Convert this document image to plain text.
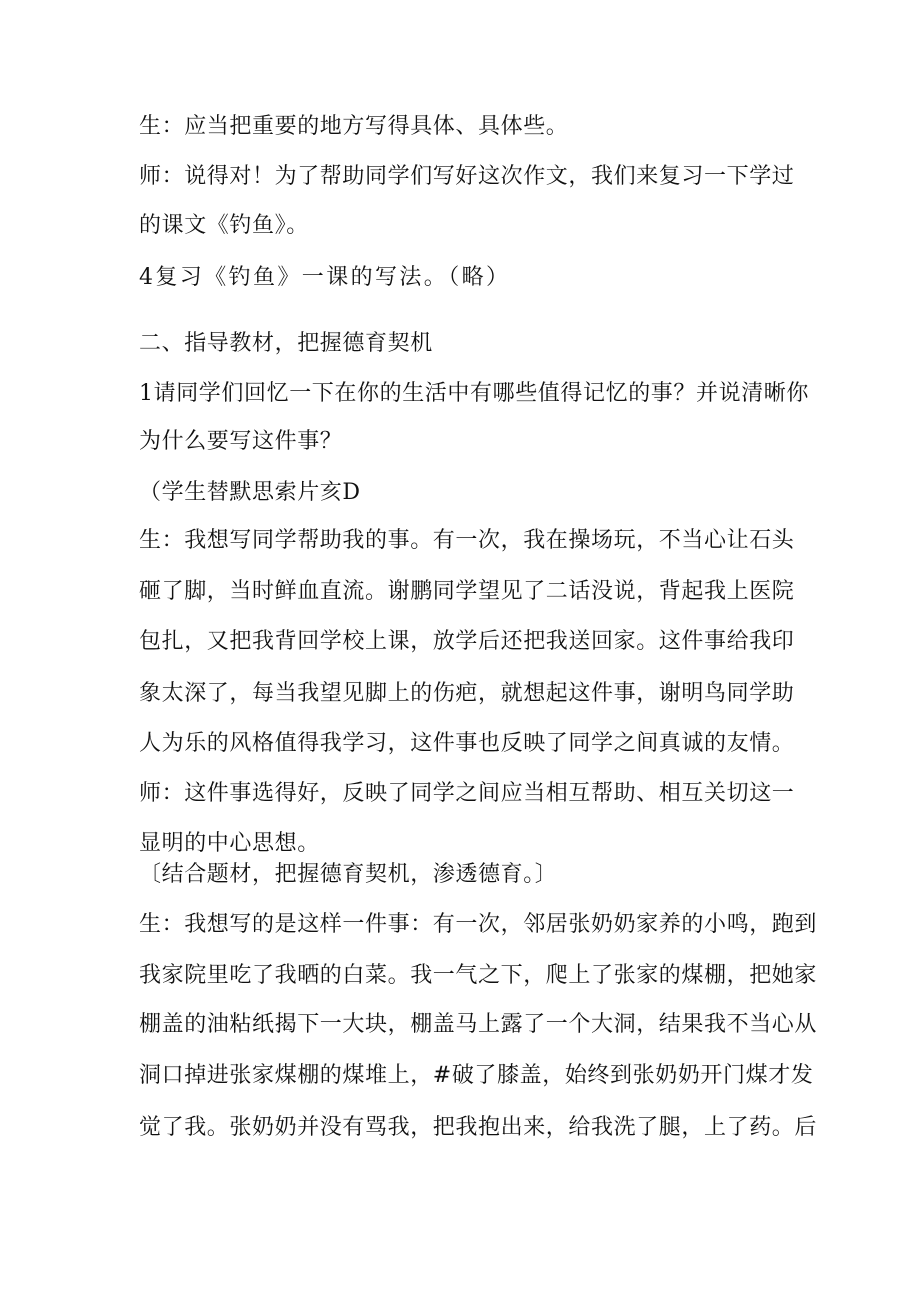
生：应当把重要的地方写得具体、具体些。
师：说得对！为了帮助同学们写好这次作文，我们来复习一下学过
的课文《钓鱼》。
4复习《钓鱼》一课的写法。（略）
二、指导教材，把握德育契机
1请同学们回忆一下在你的生活中有哪些值得记忆的事？并说清晰你
为什么要写这件事？
（学生替默思索片亥D
生：我想写同学帮助我的事。有一次，我在操场玩，不当心让石头
砸了脚，当时鲜血直流。谢鹏同学望见了二话没说，背起我上医院
包扎，又把我背回学校上课，放学后还把我送回家。这件事给我印
象太深了，每当我望见脚上的伤疤，就想起这件事，谢明鸟同学助
人为乐的风格值得我学习，这件事也反映了同学之间真诚的友情。
师：这件事选得好，反映了同学之间应当相互帮助、相互关切这一
显明的中心思想。
〔结合题材，把握德育契机，渗透德育。〕
生：我想写的是这样一件事：有一次，邻居张奶奶家养的小鸣，跑到
我家院里吃了我晒的白菜。我一气之下，爬上了张家的煤棚，把她家
棚盖的油粘纸揭下一大块，棚盖马上露了一个大洞，结果我不当心从
洞口掉进张家煤棚的煤堆上，#破了膝盖，始终到张奶奶开门煤才发
觉了我。张奶奶并没有骂我，把我抱出来，给我洗了腿，上了药。后
